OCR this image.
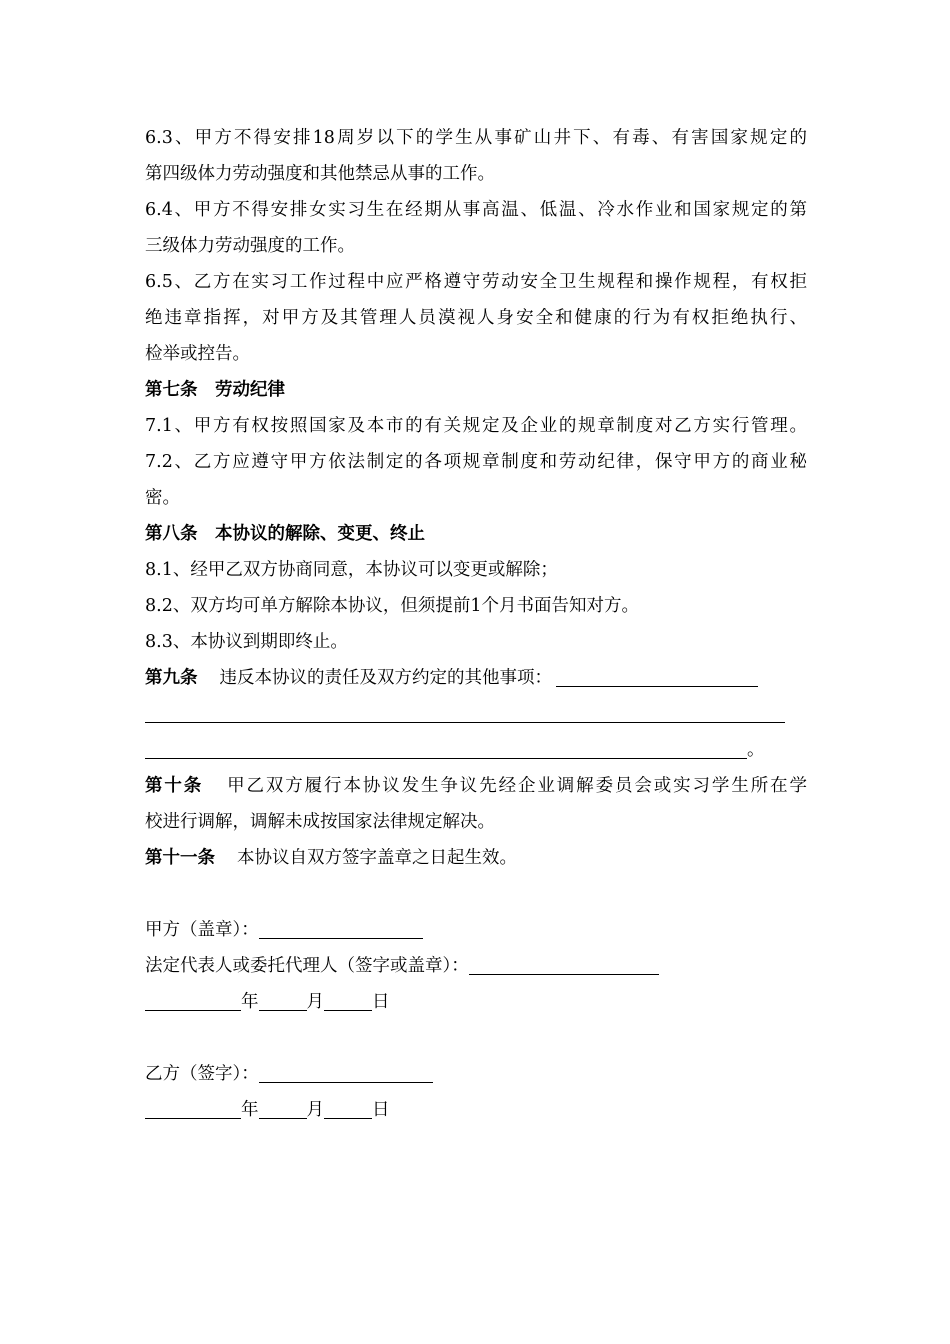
6.3、甲方不得安排18周岁以下的学生从事矿山井下、有毒、有害国家规定的
第四级体力劳动强度和其他禁忌从事的工作。
6.4、甲方不得安排女实习生在经期从事高温、低温、冷水作业和国家规定的第
三级体力劳动强度的工作。
6.5、乙方在实习工作过程中应严格遵守劳动安全卫生规程和操作规程，有权拒
绝违章指挥，对甲方及其管理人员漠视人身安全和健康的行为有权拒绝执行、
检举或控告。
第七条　劳动纪律
7.1、甲方有权按照国家及本市的有关规定及企业的规章制度对乙方实行管理。
7.2、乙方应遵守甲方依法制定的各项规章制度和劳动纪律，保守甲方的商业秘
密。
第八条　本协议的解除、变更、终止
8.1、经甲乙双方协商同意，本协议可以变更或解除；
8.2、双方均可单方解除本协议，但须提前1个月书面告知对方。
8.3、本协议到期即终止。
第九条 违反本协议的责任及双方约定的其他事项：
。
第十条 甲乙双方履行本协议发生争议先经企业调解委员会或实习学生所在学
校进行调解，调解未成按国家法律规定解决。
第十一条 本协议自双方签字盖章之日起生效。
甲方（盖章）：
法定代表人或委托代理人（签字或盖章）：
年	月	日
乙方（签字）：
年	月	日
